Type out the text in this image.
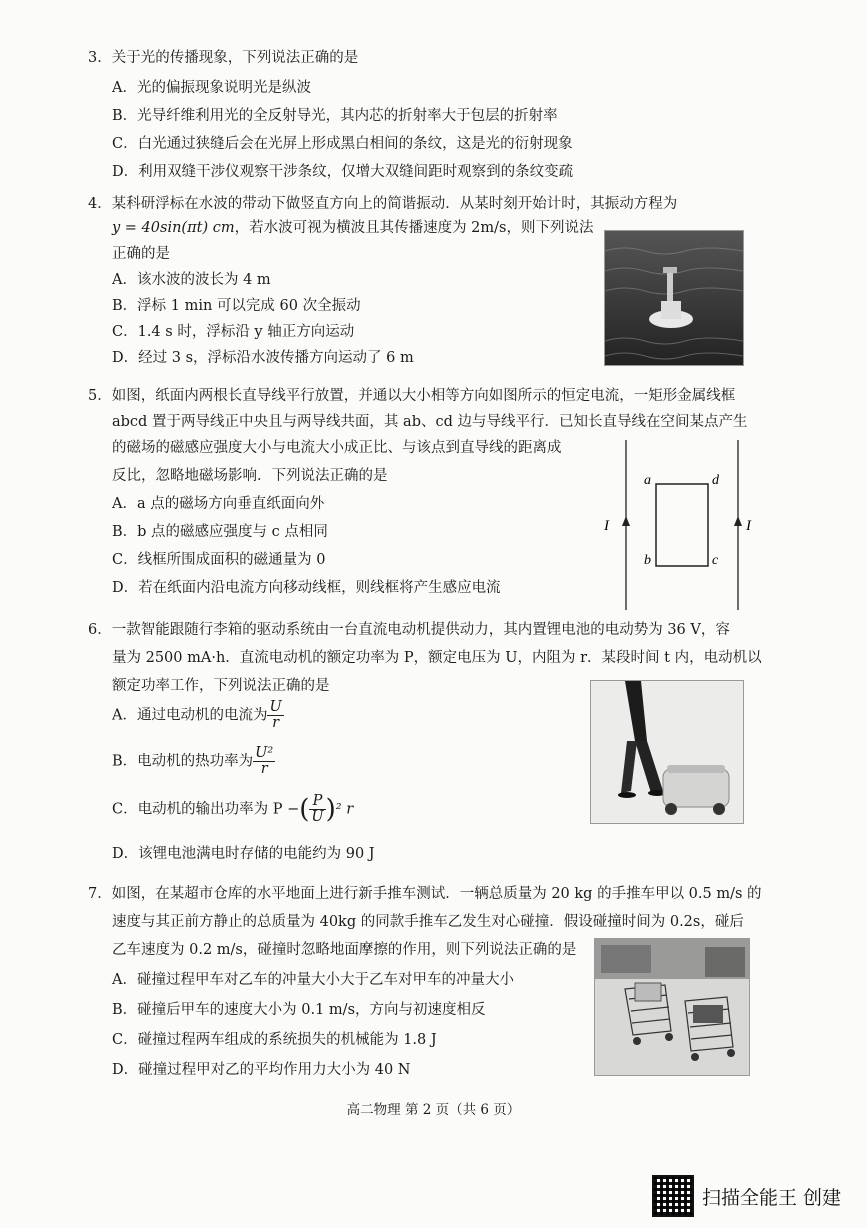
3．关于光的传播现象，下列说法正确的是
A．光的偏振现象说明光是纵波
B．光导纤维利用光的全反射导光，其内芯的折射率大于包层的折射率
C．白光通过狭缝后会在光屏上形成黑白相间的条纹，这是光的衍射现象
D．利用双缝干涉仪观察干涉条纹，仅增大双缝间距时观察到的条纹变疏
4．某科研浮标在水波的带动下做竖直方向上的简谐振动．从某时刻开始计时，其振动方程为
y = 40sin(πt) cm，若水波可视为横波且其传播速度为 2m/s，则下列说法
正确的是
A．该水波的波长为 4 m
B．浮标 1 min 可以完成 60 次全振动
C．1.4 s 时，浮标沿 y 轴正方向运动
D．经过 3 s，浮标沿水波传播方向运动了 6 m
5．如图，纸面内两根长直导线平行放置，并通以大小相等方向如图所示的恒定电流，一矩形金属线框
abcd 置于两导线正中央且与两导线共面，其 ab、cd 边与导线平行．已知长直导线在空间某点产生
的磁场的磁感应强度大小与电流大小成正比、与该点到直导线的距离成
反比，忽略地磁场影响．下列说法正确的是
A．a 点的磁场方向垂直纸面向外
B．b 点的磁感应强度与 c 点相同
C．线框所围成面积的磁通量为 0
D．若在纸面内沿电流方向移动线框，则线框将产生感应电流
a	d
b	c
I	I
6．一款智能跟随行李箱的驱动系统由一台直流电动机提供动力，其内置锂电池的电动势为 36 V，容
量为 2500 mA·h．直流电动机的额定功率为 P，额定电压为 U，内阻为 r．某段时间 t 内，电动机以
额定功率工作，下列说法正确的是
A．通过电动机的电流为 $\frac{U}{r}$
B．电动机的热功率为 $\frac{\text{U²}}{r}$
C．电动机的输出功率为 P −( $\frac{P}{U} )^2$ r
D．该锂电池满电时存储的电能约为 90 J
7．如图，在某超市仓库的水平地面上进行新手推车测试．一辆总质量为 20 kg 的手推车甲以 0.5 m/s 的
速度与其正前方静止的总质量为 40kg 的同款手推车乙发生对心碰撞．假设碰撞时间为 0.2s，碰后
乙车速度为 0.2 m/s，碰撞时忽略地面摩擦的作用，则下列说法正确的是
A．碰撞过程甲车对乙车的冲量大小大于乙车对甲车的冲量大小
B．碰撞后甲车的速度大小为 0.1 m/s，方向与初速度相反
C．碰撞过程两车组成的系统损失的机械能为 1.8 J
D．碰撞过程甲对乙的平均作用力大小为 40 N
高二物理 第 2 页（共 6 页）
扫描全能王 创建
